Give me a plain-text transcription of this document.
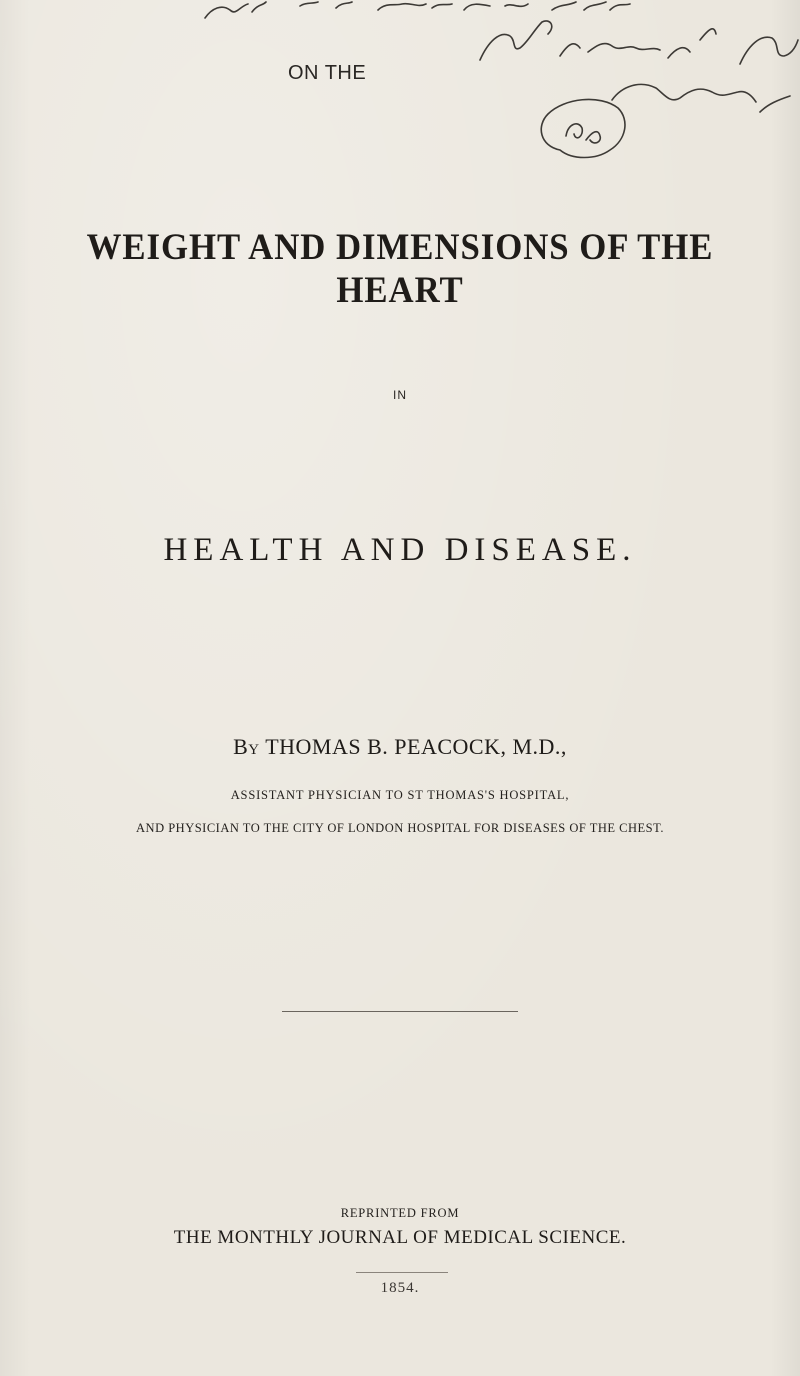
ON THE
WEIGHT AND DIMENSIONS OF THE HEART
IN
HEALTH AND DISEASE.
By THOMAS B. PEACOCK, M.D.,
ASSISTANT PHYSICIAN TO ST THOMAS'S HOSPITAL,
AND PHYSICIAN TO THE CITY OF LONDON HOSPITAL FOR DISEASES OF THE CHEST.
REPRINTED FROM
THE MONTHLY JOURNAL OF MEDICAL SCIENCE.
1854.
